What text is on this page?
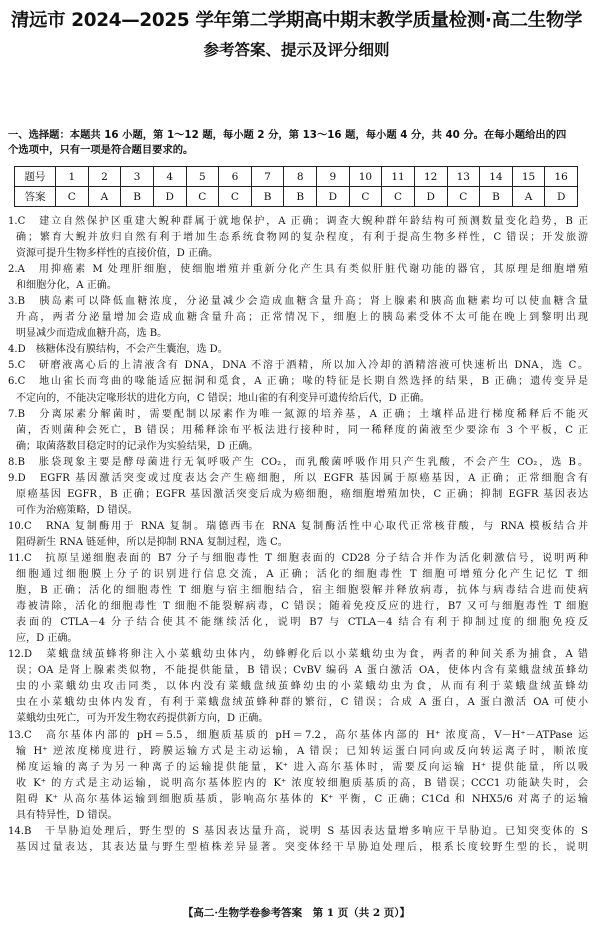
清远市 2024—2025 学年第二学期高中期末教学质量检测·高二生物学
参考答案、提示及评分细则
一、选择题：本题共 16 小题，第 1～12 题，每小题 2 分，第 13～16 题，每小题 4 分，共 40 分。在每小题给出的四
个选项中，只有一项是符合题目要求的。
题号	1	2	3	4	5	6	7	8	9	10	11	12	13	14	15	16
答案	C	A	B	D	C	C	B	B	D	C	C	D	C	B	A	D
1.C　建立自然保护区重建大鲵种群属于就地保护，A 正确；调查大鲵种群年龄结构可预测数量变化趋势，B 正
确；繁育大鲵并放归自然有利于增加生态系统食物网的复杂程度，有利于提高生物多样性，C 错误；开发旅游
资源可提升生物多样性的直接价值，D 正确。
2.A　用抑癌素 M 处理肝细胞，使细胞增殖并重新分化产生具有类似肝脏代谢功能的器官，其原理是细胞增殖
和细胞分化，A 正确。
3.B　胰岛素可以降低血糖浓度，分泌量减少会造成血糖含量升高；肾上腺素和胰高血糖素均可以使血糖含量
升高，两者分泌量增加会造成血糖含量升高；正常情况下，细胞上的胰岛素受体不太可能在晚上到黎明出现
明显减少而造成血糖升高，选 B。
4.D　核糖体没有膜结构，不会产生囊泡，选 D。
5.C　研磨液离心后的上清液含有 DNA，DNA 不溶于酒精，所以加入冷却的酒精溶液可快速析出 DNA，选 C。
6.C　地山雀长而弯曲的喙能适应掘洞和觅食，A 正确；喙的特征是长期自然选择的结果，B 正确；遗传变异是
不定向的，不能决定喙形状的进化方向，C 错误；地山雀的有利变异可遗传给后代，D 正确。
7.B　分离尿素分解菌时，需要配制以尿素作为唯一氮源的培养基，A 正确；土壤样品进行梯度稀释后不能灭
菌，否则菌种会死亡，B 错误；用稀释涂布平板法进行接种时，同一稀释度的菌液至少要涂布 3 个平板，C 正
确；取菌落数目稳定时的记录作为实验结果，D 正确。
8.B　胀袋现象主要是酵母菌进行无氧呼吸产生 CO₂，而乳酸菌呼吸作用只产生乳酸，不会产生 CO₂，选 B。
9.D　EGFR 基因激活突变或过度表达会产生癌细胞，所以 EGFR 基因属于原癌基因，A 正确；正常细胞含有
原癌基因 EGFR，B 正确；EGFR 基因激活突变后成为癌细胞，癌细胞增殖加快，C 正确；抑制 EGFR 基因表达
可作为治癌策略，D 错误。
10.C　RNA 复制酶用于 RNA 复制。瑞德西韦在 RNA 复制酶活性中心取代正常核苷酸，与 RNA 模板结合并
阻碍新生 RNA 链延伸，所以是抑制 RNA 复制过程，选 C。
11.C　抗原呈递细胞表面的 B7 分子与细胞毒性 T 细胞表面的 CD28 分子结合并作为活化刺激信号，说明两种
细胞通过细胞膜上分子的识别进行信息交流，A 正确；活化的细胞毒性 T 细胞可增殖分化产生记忆 T 细
胞，B 正确；活化的细胞毒性 T 细胞与宿主细胞结合，宿主细胞裂解并释放病毒，抗体与病毒结合进而使病
毒被清除，活化的细胞毒性 T 细胞不能裂解病毒，C 错误；随着免疫反应的进行，B7 又可与细胞毒性 T 细胞
表面的 CTLA－4 分子结合使其不能继续活化，说明 B7 与 CTLA－4 结合有利于抑制过度的细胞免疫反
应，D 正确。
12.D　菜蛾盘绒茧蜂将卵注入小菜蛾幼虫体内，幼蜂孵化后以小菜蛾幼虫为食，两者的种间关系为捕食，A 错
误；OA 是肾上腺素类似物，不能提供能量，B 错误；CvBV 编码 A 蛋白激活 OA，使体内含有菜蛾盘绒茧蜂幼
虫的小菜蛾幼虫攻击同类，以体内没有菜蛾盘绒茧蜂幼虫的小菜蛾幼虫为食，从而有利于菜蛾盘绒茧蜂幼
虫在小菜蛾幼虫体内发育，有利于菜蛾盘绒茧蜂种群的繁衍，C 错误；合成 A 蛋白，A 蛋白激活 OA 可使小
菜蛾幼虫死亡，可为开发生物农药提供新方向，D 正确。
13.C　高尔基体内部的 pH＝5.5，细胞质基质的 pH＝7.2，高尔基体内部的 H⁺ 浓度高，V－H⁺－ATPase 运
输 H⁺ 逆浓度梯度进行，跨膜运输方式是主动运输，A 错误；已知转运蛋白同向或反向转运离子时，顺浓度
梯度运输的离子为另一种离子的运输提供能量，K⁺ 进入高尔基体时，需要反向运输 H⁺ 提供能量，所以吸
收 K⁺ 的方式是主动运输，说明高尔基体腔内的 K⁺ 浓度较细胞质基质的高，B 错误；CCC1 功能缺失时，会
阻碍 K⁺ 从高尔基体运输到细胞质基质，影响高尔基体的 K⁺ 平衡，C 正确；C1Cd 和 NHX5/6 对离子的运输
具有特异性，D 错误。
14.B　干旱胁迫处理后，野生型的 S 基因表达量升高，说明 S 基因表达量增多响应干旱胁迫。已知突变体的 S
基因过量表达，其表达量与野生型植株差异显著。突变体经干旱胁迫处理后，根系长度较野生型的长，说明
【高二·生物学卷参考答案　第 1 页（共 2 页）】
